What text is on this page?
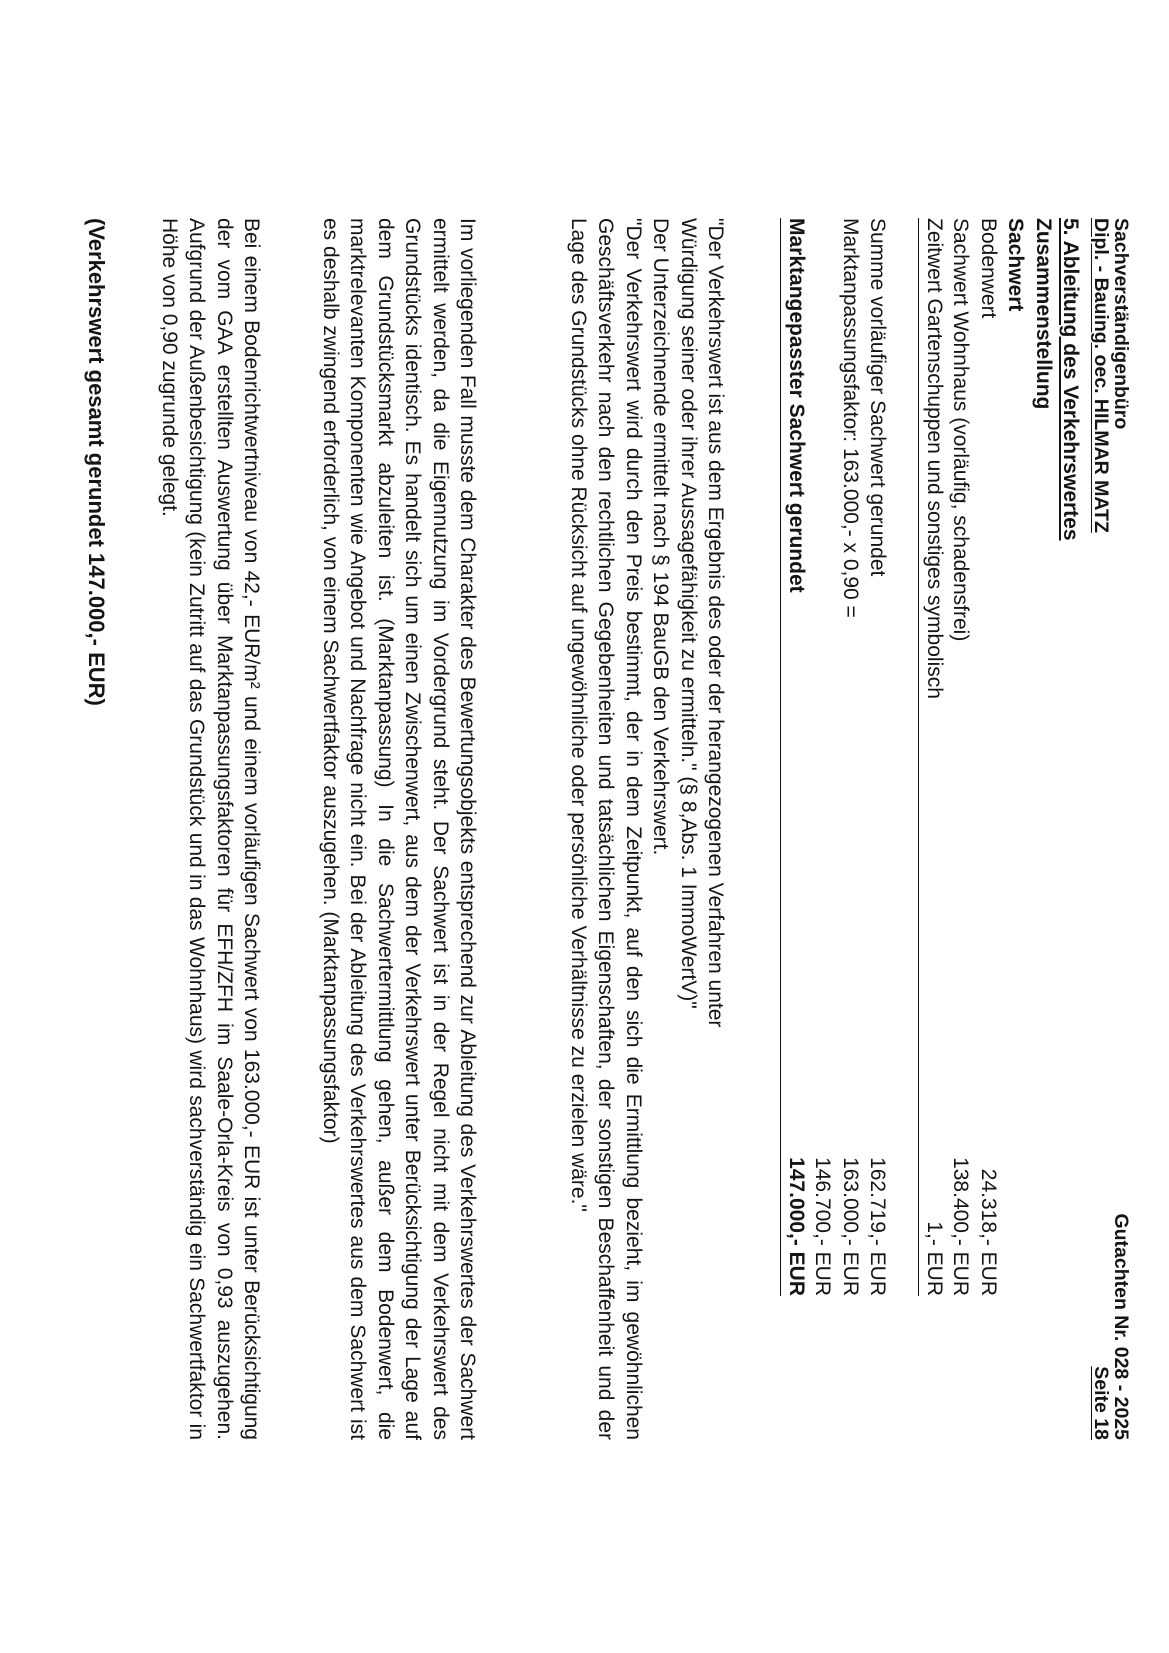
Sachverständigenbüro
Dipl. - Bauing. oec. HILMAR MATZ
Gutachten Nr. 028 - 2025
Seite 18
5. Ableitung des Verkehrswertes
Zusammenstellung
Sachwert
Bodenwert
24.318,- EUR
Sachwert Wohnhaus (vorläufig, schadensfrei)
138.400,- EUR
Zeitwert Gartenschuppen und sonstiges symbolisch
1,- EUR
Summe vorläufiger Sachwert gerundet
162.719,- EUR
Marktanpassungsfaktor: 163.000,- x 0,90 =
163.000,- EUR
146.700,- EUR
Marktangepasster Sachwert gerundet
147.000,- EUR
"Der Verkehrswert ist aus dem Ergebnis des oder der herangezogenen Verfahren unter
Würdigung seiner oder ihrer Aussagefähigkeit zu ermitteln." (§ 8,Abs. 1 ImmoWertV)"
Der Unterzeichnende ermittelt nach § 194 BauGB den Verkehrswert.
"Der Verkehrswert wird durch den Preis bestimmt, der in dem Zeitpunkt, auf den sich die Ermittlung bezieht, im gewöhnlichen Geschäftsverkehr nach den rechtlichen Gegebenheiten und tatsächlichen Eigenschaften, der sonstigen Beschaffenheit und der Lage des Grundstücks ohne Rücksicht auf ungewöhnliche oder persönliche Verhältnisse zu erzielen wäre."
Im vorliegenden Fall musste dem Charakter des Bewertungsobjekts entsprechend zur Ableitung des Verkehrswertes der Sachwert ermittelt werden, da die Eigennutzung im Vordergrund steht. Der Sachwert ist in der Regel nicht mit dem Verkehrswert des Grundstücks identisch. Es handelt sich um einen Zwischenwert, aus dem der Verkehrswert unter Berücksichtigung der Lage auf dem Grundstücksmarkt abzuleiten ist. (Marktanpassung) In die Sachwertermittlung gehen, außer dem Bodenwert, die marktrelevanten Komponenten wie Angebot und Nachfrage nicht ein. Bei der Ableitung des Verkehrswertes aus dem Sachwert ist es deshalb zwingend erforderlich, von einem Sachwertfaktor auszugehen. (Marktanpassungsfaktor)
Bei einem Bodenrichtwertniveau von 42,- EUR/m² und einem vorläufigen Sachwert von 163.000,- EUR ist unter Berücksichtigung der vom GAA erstellten Auswertung über Marktanpassungsfaktoren für EFH/ZFH im Saale-Orla-Kreis von 0,93 auszugehen. Aufgrund der Außenbesichtigung (kein Zutritt auf das Grundstück und in das Wohnhaus) wird sachverständig ein Sachwertfaktor in Höhe von 0,90 zugrunde gelegt.
(Verkehrswert gesamt gerundet 147.000,- EUR)
